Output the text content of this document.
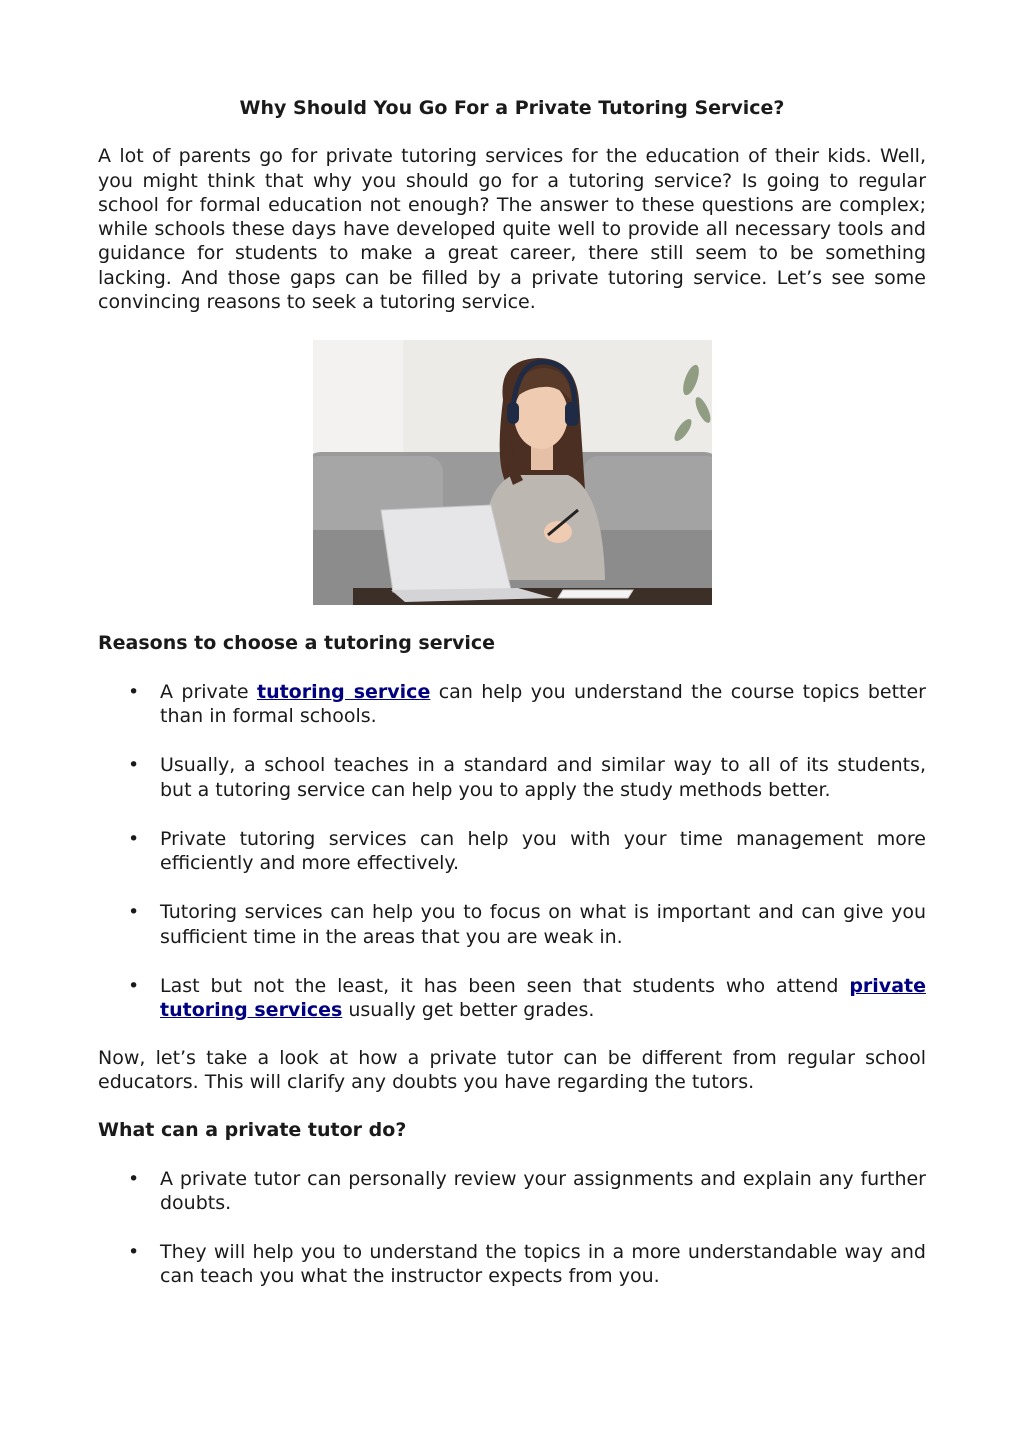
Why Should You Go For a Private Tutoring Service?

A lot of parents go for private tutoring services for the education of their kids. Well, you might think that why you should go for a tutoring service? Is going to regular school for formal education not enough? The answer to these questions are complex; while schools these days have developed quite well to provide all necessary tools and guidance for students to make a great career, there still seem to be something lacking. And those gaps can be filled by a private tutoring service. Let’s see some convincing reasons to seek a tutoring service.

Reasons to choose a tutoring service

• A private tutoring service can help you understand the course topics better than in formal schools.
• Usually, a school teaches in a standard and similar way to all of its students, but a tutoring service can help you to apply the study methods better.
• Private tutoring services can help you with your time management more efficiently and more effectively.
• Tutoring services can help you to focus on what is important and can give you sufficient time in the areas that you are weak in.
• Last but not the least, it has been seen that students who attend private tutoring services usually get better grades.

Now, let’s take a look at how a private tutor can be different from regular school educators. This will clarify any doubts you have regarding the tutors.

What can a private tutor do?

• A private tutor can personally review your assignments and explain any further doubts.
• They will help you to understand the topics in a more understandable way and can teach you what the instructor expects from you.
